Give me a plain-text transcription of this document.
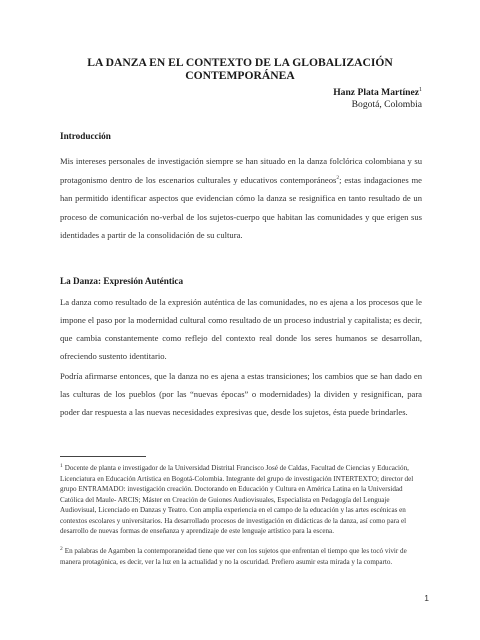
LA DANZA EN EL CONTEXTO DE LA GLOBALIZACIÓN
CONTEMPORÁNEA
Hanz Plata Martínez$^1$
Bogotá, Colombia
Introducción
Mis intereses personales de investigación siempre se han situado en la danza folclórica colombiana y su protagonismo dentro de los escenarios culturales y educativos contemporáneos$^2$; estas indagaciones me han permitido identificar aspectos que evidencian cómo la danza se resignifica en tanto resultado de un proceso de comunicación no-verbal de los sujetos-cuerpo que habitan las comunidades y que erigen sus identidades a partir de la consolidación de su cultura.
La Danza: Expresión Auténtica
La danza como resultado de la expresión auténtica de las comunidades, no es ajena a los procesos que le impone el paso por la modernidad cultural como resultado de un proceso industrial y capitalista; es decir, que cambia constantemente como reflejo del contexto real donde los seres humanos se desarrollan, ofreciendo sustento identitario.
Podría afirmarse entonces, que la danza no es ajena a estas transiciones; los cambios que se han dado en las culturas de los pueblos (por las “nuevas épocas” o modernidades) la dividen y resignifican, para poder dar respuesta a las nuevas necesidades expresivas que, desde los sujetos, ésta puede brindarles.
$^1$ Docente de planta e investigador de la Universidad Distrital Francisco José de Caldas, Facultad de Ciencias y Educación, Licenciatura en Educación Artística en Bogotá-Colombia. Integrante del grupo de investigación INTERTEXTO; director del grupo ENTRAMADO: investigación creación. Doctorando en Educación y Cultura en América Latina en la Universidad Católica del Maule- ARCIS; Máster en Creación de Guiones Audiovisuales, Especialista en Pedagogía del Lenguaje Audiovisual, Licenciado en Danzas y Teatro. Con amplia experiencia en el campo de la educación y las artes escénicas en contextos escolares y universitarios. Ha desarrollado procesos de investigación en didácticas de la danza, así como para el desarrollo de nuevas formas de enseñanza y aprendizaje de este lenguaje artístico para la escena.
$^2$ En palabras de Agamben la contemporaneidad tiene que ver con los sujetos que enfrentan el tiempo que les tocó vivir de manera protagónica, es decir, ver la luz en la actualidad y no la oscuridad. Prefiero asumir esta mirada y la comparto.
1
